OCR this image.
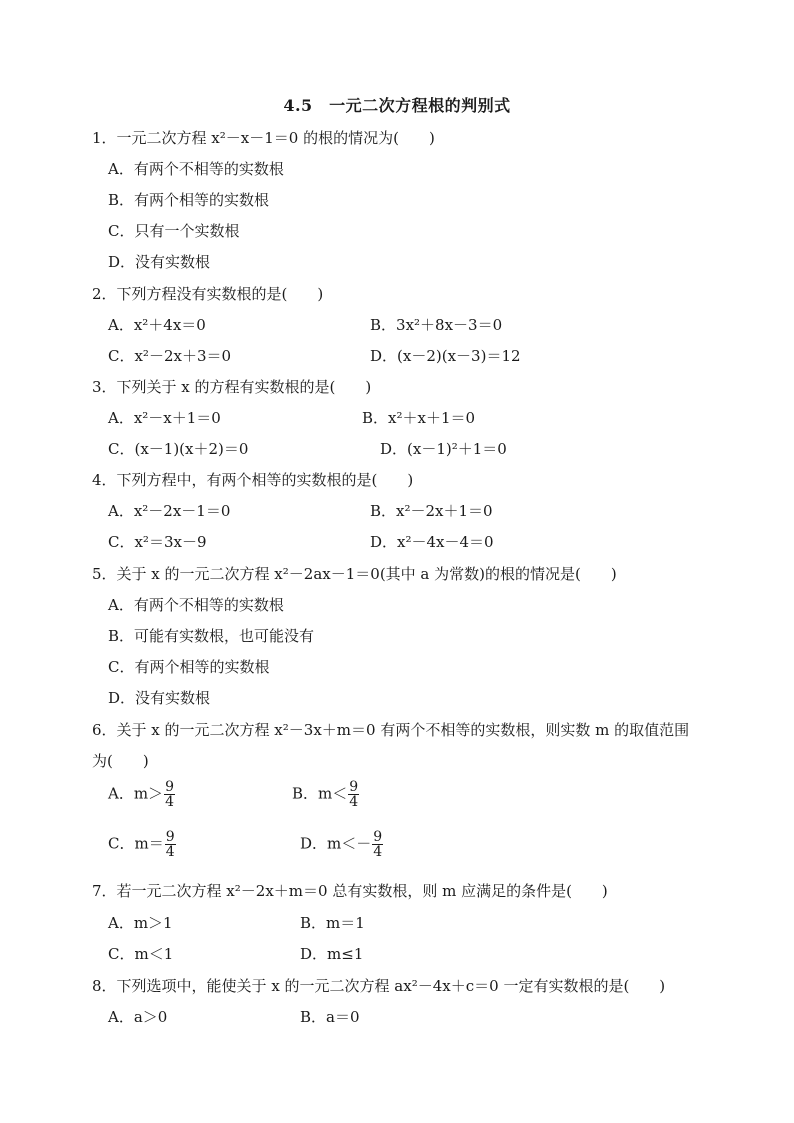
4.5　一元二次方程根的判别式
1．一元二次方程 x²－x－1＝0 的根的情况为(　　)
A．有两个不相等的实数根
B．有两个相等的实数根
C．只有一个实数根
D．没有实数根
2．下列方程没有实数根的是(　　)
A．x²＋4x＝0	B．3x²＋8x－3＝0
C．x²－2x＋3＝0	D．(x－2)(x－3)＝12
3．下列关于 x 的方程有实数根的是(　　)
A．x²－x＋1＝0	B．x²＋x＋1＝0
C．(x－1)(x＋2)＝0	D．(x－1)²＋1＝0
4．下列方程中，有两个相等的实数根的是(　　)
A．x²－2x－1＝0	B．x²－2x＋1＝0
C．x²＝3x－9	D．x²－4x－4＝0
5．关于 x 的一元二次方程 x²－2ax－1＝0(其中 a 为常数)的根的情况是(　　)
A．有两个不相等的实数根
B．可能有实数根，也可能没有
C．有两个相等的实数根
D．没有实数根
6．关于 x 的一元二次方程 x²－3x＋m＝0 有两个不相等的实数根，则实数 m 的取值范围
为(　　)
A．$m> \frac{9}{4}$	B．$m< \frac{9}{4}$
C．$m= \frac{9}{4}$	D．$m<- \frac{9}{4}$
7．若一元二次方程 x²－2x＋m＝0 总有实数根，则 m 应满足的条件是(　　)
A．m＞1	B．m＝1
C．m＜1	D．m≤1
8．下列选项中，能使关于 x 的一元二次方程 ax²－4x＋c＝0 一定有实数根的是(　　)
A．a＞0	B．a＝0
